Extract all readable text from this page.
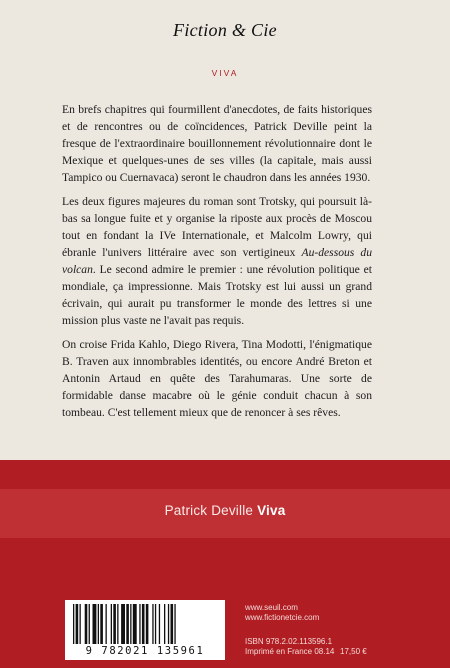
Fiction & Cie
VIVA

En brefs chapitres qui fourmillent d'anecdotes, de faits historiques et de rencontres ou de coïncidences, Patrick Deville peint la fresque de l'extraordinaire bouillonnement révolutionnaire dont le Mexique et quelques-unes de ses villes (la capitale, mais aussi Tampico ou Cuernavaca) seront le chaudron dans les années 1930.

Les deux figures majeures du roman sont Trotsky, qui poursuit là-bas sa longue fuite et y organise la riposte aux procès de Moscou tout en fondant la IVe Internationale, et Malcolm Lowry, qui ébranle l'univers littéraire avec son vertigineux Au-dessous du volcan. Le second admire le premier : une révolution politique et mondiale, ça impressionne. Mais Trotsky est lui aussi un grand écrivain, qui aurait pu transformer le monde des lettres si une mission plus vaste ne l'avait pas requis.

On croise Frida Kahlo, Diego Rivera, Tina Modotti, l'énigmatique B. Traven aux innombrables identités, ou encore André Breton et Antonin Artaud en quête des Tarahumaras. Une sorte de formidable danse macabre où le génie conduit chacun à son tombeau. C'est tellement mieux que de renoncer à ses rêves.

Patrick Deville Viva
9 782021 135961
www.seuil.com
www.fictionetcie.com
ISBN 978.2.02.113596.1
Imprimé en France 08.14 17,50 €
